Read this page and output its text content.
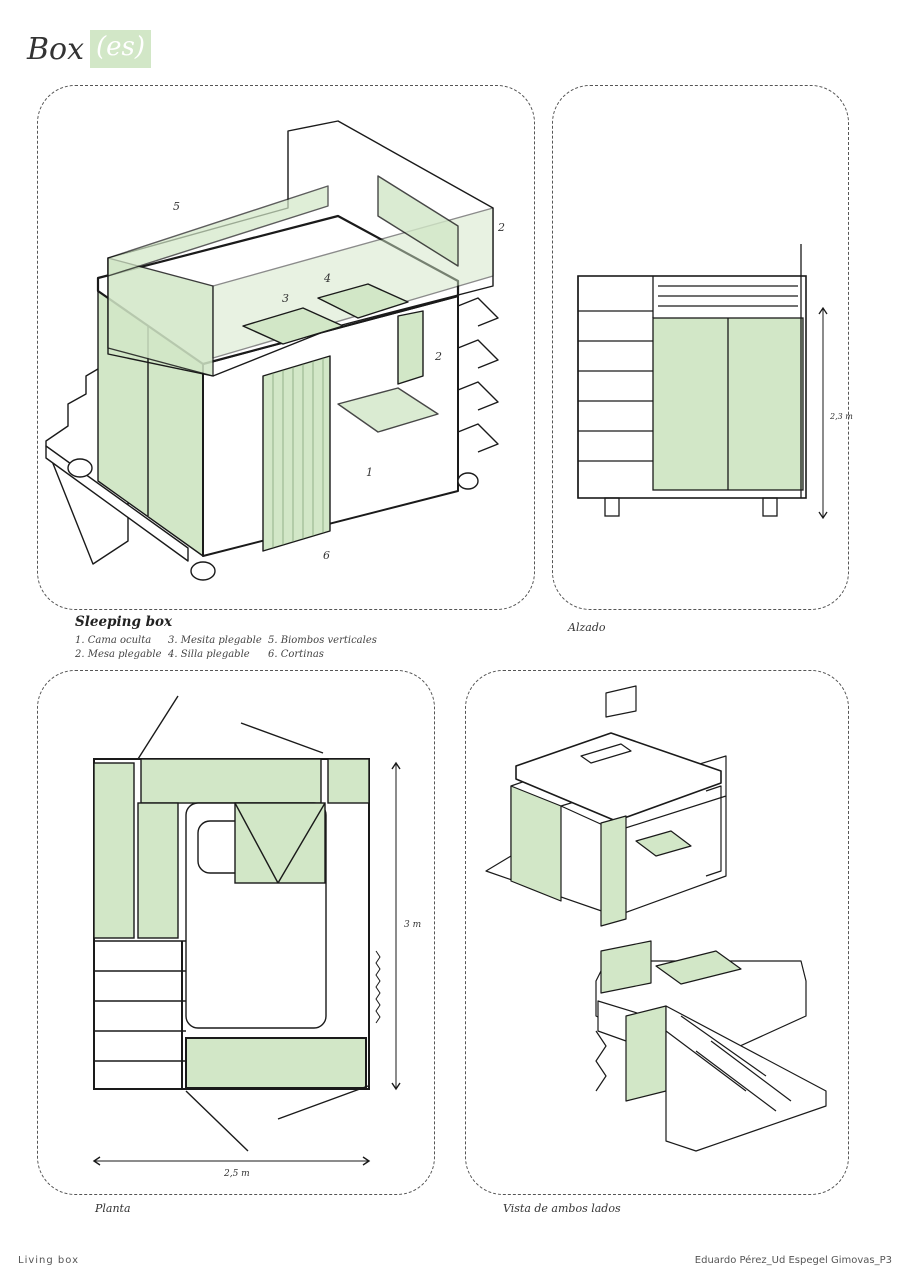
Box (es)
1
2
2
3
4
5
6
2,3 m
Sleeping box
1. Cama oculta	3. Mesita plegable 5. Biombos verticales
2. Mesa plegable 4. Silla plegable	6. Cortinas
Alzado
3 m
2,5 m
Planta	Vista de ambos lados
Living box	Eduardo Pérez_Ud Espegel Gimovas_P3
